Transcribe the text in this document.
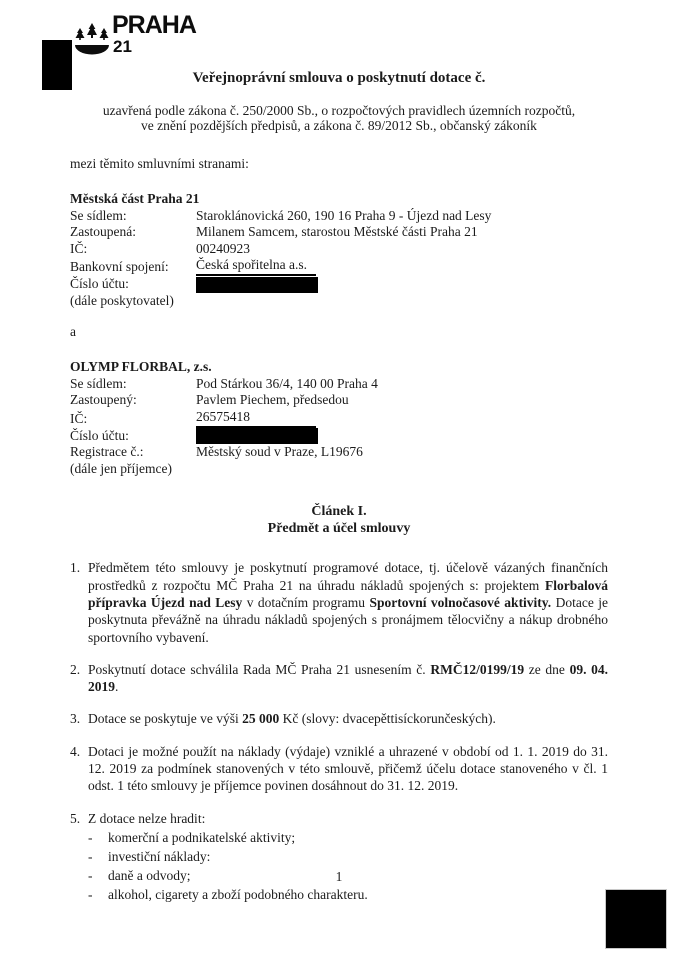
PRAHA
21
Veřejnoprávní smlouva o poskytnutí dotace č.
uzavřená podle zákona č. 250/2000 Sb., o rozpočtových pravidlech územních rozpočtů,
ve znění pozdějších předpisů, a zákona č. 89/2012 Sb., občanský zákoník
mezi těmito smluvními stranami:
Městská část Praha 21
Se sídlem:	Staroklánovická 260, 190 16 Praha 9 - Újezd nad Lesy
Zastoupená:	Milanem Samcem, starostou Městské části Praha 21
IČ:	00240923
Bankovní spojení:	Česká spořitelna a.s.
Číslo účtu:
(dále poskytovatel)
a
OLYMP FLORBAL, z.s.
Se sídlem:	Pod Stárkou 36/4, 140 00 Praha 4
Zastoupený:	Pavlem Piechem, předsedou
IČ:	26575418
Číslo účtu:
Registrace č.:	Městský soud v Praze, L19676
(dále jen příjemce)
Článek I.
Předmět a účel smlouvy
1. Předmětem této smlouvy je poskytnutí programové dotace, tj. účelově vázaných finančních prostředků z rozpočtu MČ Praha 21 na úhradu nákladů spojených s: projektem Florbalová přípravka Újezd nad Lesy v dotačním programu Sportovní volnočasové aktivity. Dotace je poskytnuta převážně na úhradu nákladů spojených s pronájmem tělocvičny a nákup drobného sportovního vybavení.
2. Poskytnutí dotace schválila Rada MČ Praha 21 usnesením č. RMČ12/0199/19 ze dne 09. 04. 2019.
3. Dotace se poskytuje ve výši 25 000 Kč (slovy: dvacepěttisíckorunčeských).
4. Dotaci je možné použít na náklady (výdaje) vzniklé a uhrazené v období od 1. 1. 2019 do 31. 12. 2019 za podmínek stanovených v této smlouvě, přičemž účelu dotace stanoveného v čl. 1 odst. 1 této smlouvy je příjemce povinen dosáhnout do 31. 12. 2019.
5. Z dotace nelze hradit:
-	komerční a podnikatelské aktivity;
-	investiční náklady:
-	daně a odvody;
-	alkohol, cigarety a zboží podobného charakteru.
1
